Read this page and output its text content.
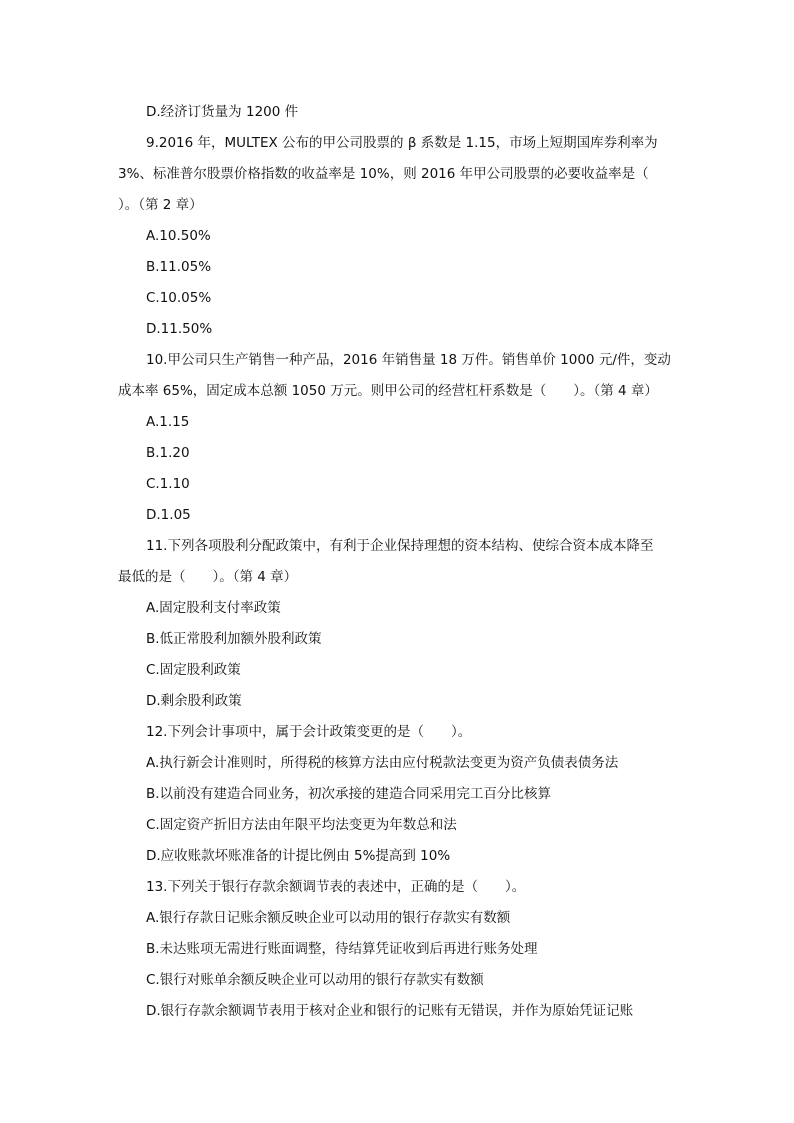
D.经济订货量为 1200 件
9.2016 年，MULTEX 公布的甲公司股票的 β 系数是 1.15，市场上短期国库券利率为
3%、标准普尔股票价格指数的收益率是 10%，则 2016 年甲公司股票的必要收益率是（
）。（第 2 章）
A.10.50%
B.11.05%
C.10.05%
D.11.50%
10.甲公司只生产销售一种产品，2016 年销售量 18 万件。销售单价 1000 元/件，变动
成本率 65%，固定成本总额 1050 万元。则甲公司的经营杠杆系数是（　　）。（第 4 章）
A.1.15
B.1.20
C.1.10
D.1.05
11.下列各项股利分配政策中，有利于企业保持理想的资本结构、使综合资本成本降至
最低的是（　　）。（第 4 章）
A.固定股利支付率政策
B.低正常股利加额外股利政策
C.固定股利政策
D.剩余股利政策
12.下列会计事项中，属于会计政策变更的是（　　）。
A.执行新会计准则时，所得税的核算方法由应付税款法变更为资产负债表债务法
B.以前没有建造合同业务，初次承接的建造合同采用完工百分比核算
C.固定资产折旧方法由年限平均法变更为年数总和法
D.应收账款坏账准备的计提比例由 5%提高到 10%
13.下列关于银行存款余额调节表的表述中，正确的是（　　）。
A.银行存款日记账余额反映企业可以动用的银行存款实有数额
B.未达账项无需进行账面调整，待结算凭证收到后再进行账务处理
C.银行对账单余额反映企业可以动用的银行存款实有数额
D.银行存款余额调节表用于核对企业和银行的记账有无错误，并作为原始凭证记账
